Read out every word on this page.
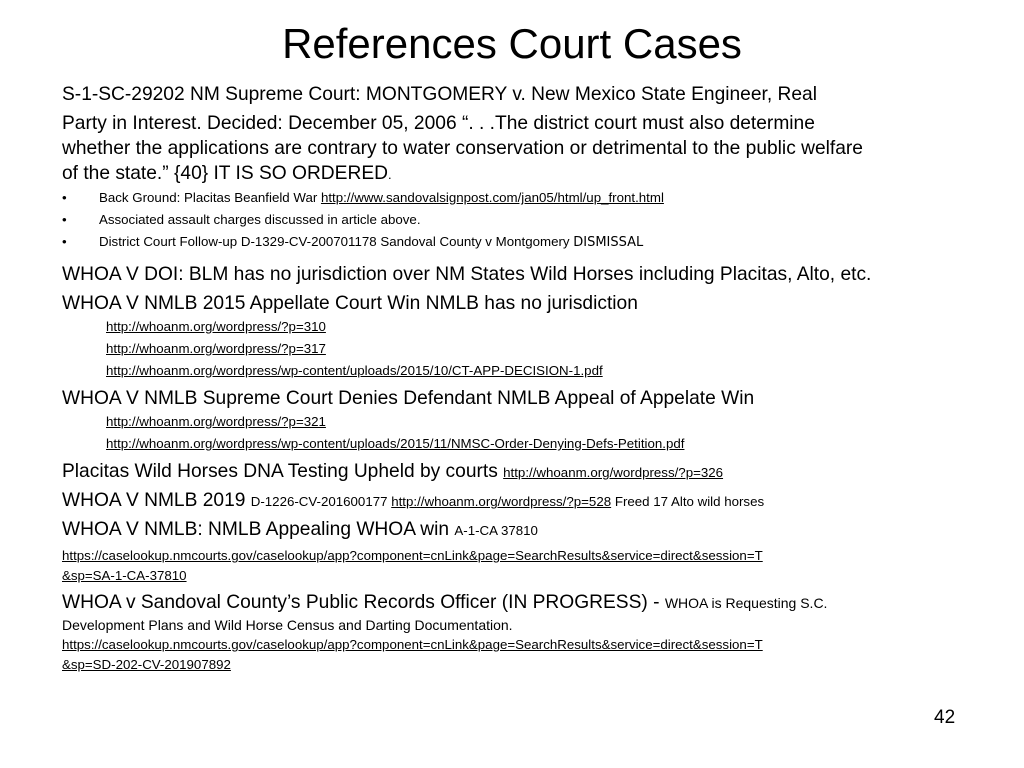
References Court Cases
S-1-SC-29202 NM Supreme Court: MONTGOMERY v. New Mexico State Engineer, Real
Party in Interest. Decided: December 05, 2006 “. . .The district court must also determine
whether the applications are contrary to water conservation or detrimental to the public welfare
of the state.” {40} IT IS SO ORDERED.
• Back Ground: Placitas Beanfield War http://www.sandovalsignpost.com/jan05/html/up_front.html
• Associated assault charges discussed in article above.
• District Court Follow-up D-1329-CV-200701178 Sandoval County v Montgomery DISMISSAL
WHOA V DOI: BLM has no jurisdiction over NM States Wild Horses including Placitas, Alto, etc.
WHOA V NMLB 2015 Appellate Court Win NMLB has no jurisdiction
http://whoanm.org/wordpress/?p=310
http://whoanm.org/wordpress/?p=317
http://whoanm.org/wordpress/wp-content/uploads/2015/10/CT-APP-DECISION-1.pdf
WHOA V NMLB Supreme Court Denies Defendant NMLB Appeal of Appelate Win
http://whoanm.org/wordpress/?p=321
http://whoanm.org/wordpress/wp-content/uploads/2015/11/NMSC-Order-Denying-Defs-Petition.pdf
Placitas Wild Horses DNA Testing Upheld by courts http://whoanm.org/wordpress/?p=326
WHOA V NMLB 2019 D-1226-CV-201600177 http://whoanm.org/wordpress/?p=528 Freed 17 Alto wild horses
WHOA V NMLB: NMLB Appealing WHOA win A-1-CA 37810
https://caselookup.nmcourts.gov/caselookup/app?component=cnLink&page=SearchResults&service=direct&session=T
&sp=SA-1-CA-37810
WHOA v Sandoval County’s Public Records Officer (IN PROGRESS) - WHOA is Requesting S.C.
Development Plans and Wild Horse Census and Darting Documentation.
https://caselookup.nmcourts.gov/caselookup/app?component=cnLink&page=SearchResults&service=direct&session=T
&sp=SD-202-CV-201907892
42
